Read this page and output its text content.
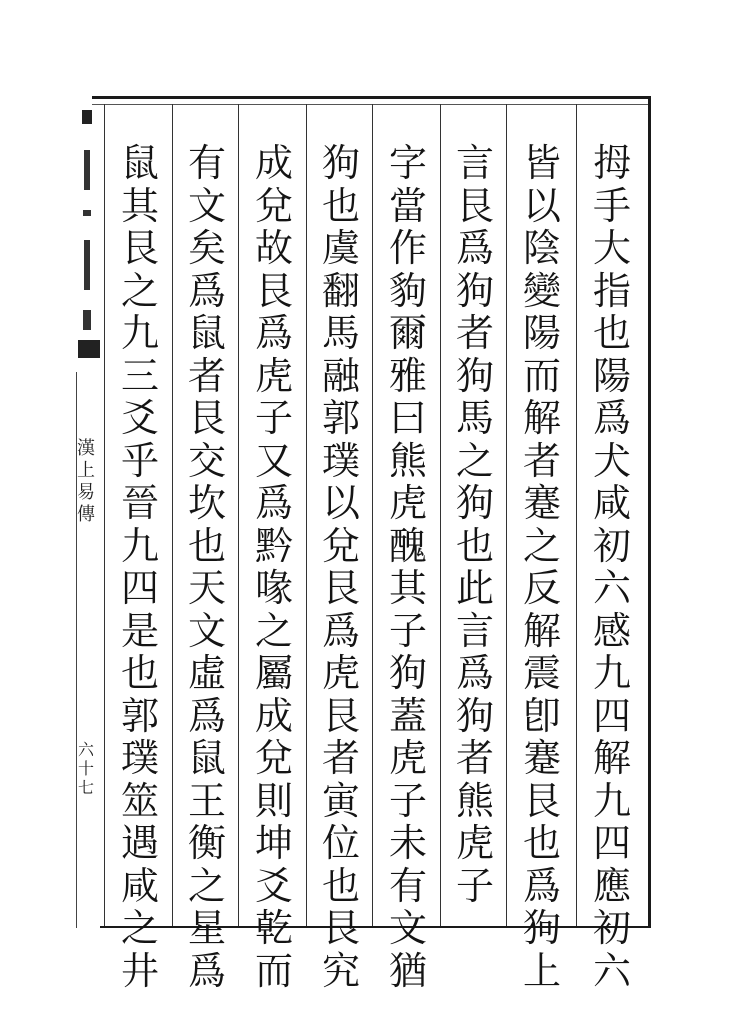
拇
手
大
指
也
陽
爲
犬
咸
初
六
感
九
四
解
九
四
應
初
六
皆
以
陰
變
陽
而
解
者
蹇
之
反
解
震
卽
蹇
艮
也
爲
狗
上
言
艮
爲
狗
者
狗
馬
之
狗
也
此
言
爲
狗
者
熊
虎
子
字
當
作
豿
爾
雅
曰
熊
虎
醜
其
子
狗
蓋
虎
子
未
有
文
猶
狗
也
虞
翻
馬
融
郭
璞
以
兌
艮
爲
虎
艮
者
寅
位
也
艮
究
成
兌
故
艮
爲
虎
子
又
爲
黔
喙
之
屬
成
兌
則
坤
爻
乾
而
有
文
矣
爲
鼠
者
艮
交
坎
也
天
文
虛
爲
鼠
王
衡
之
星
爲
鼠
其
艮
之
九
三
爻
乎
晉
九
四
是
也
郭
璞
筮
遇
咸
之
井
漢
上
易
傳
六
十
七
